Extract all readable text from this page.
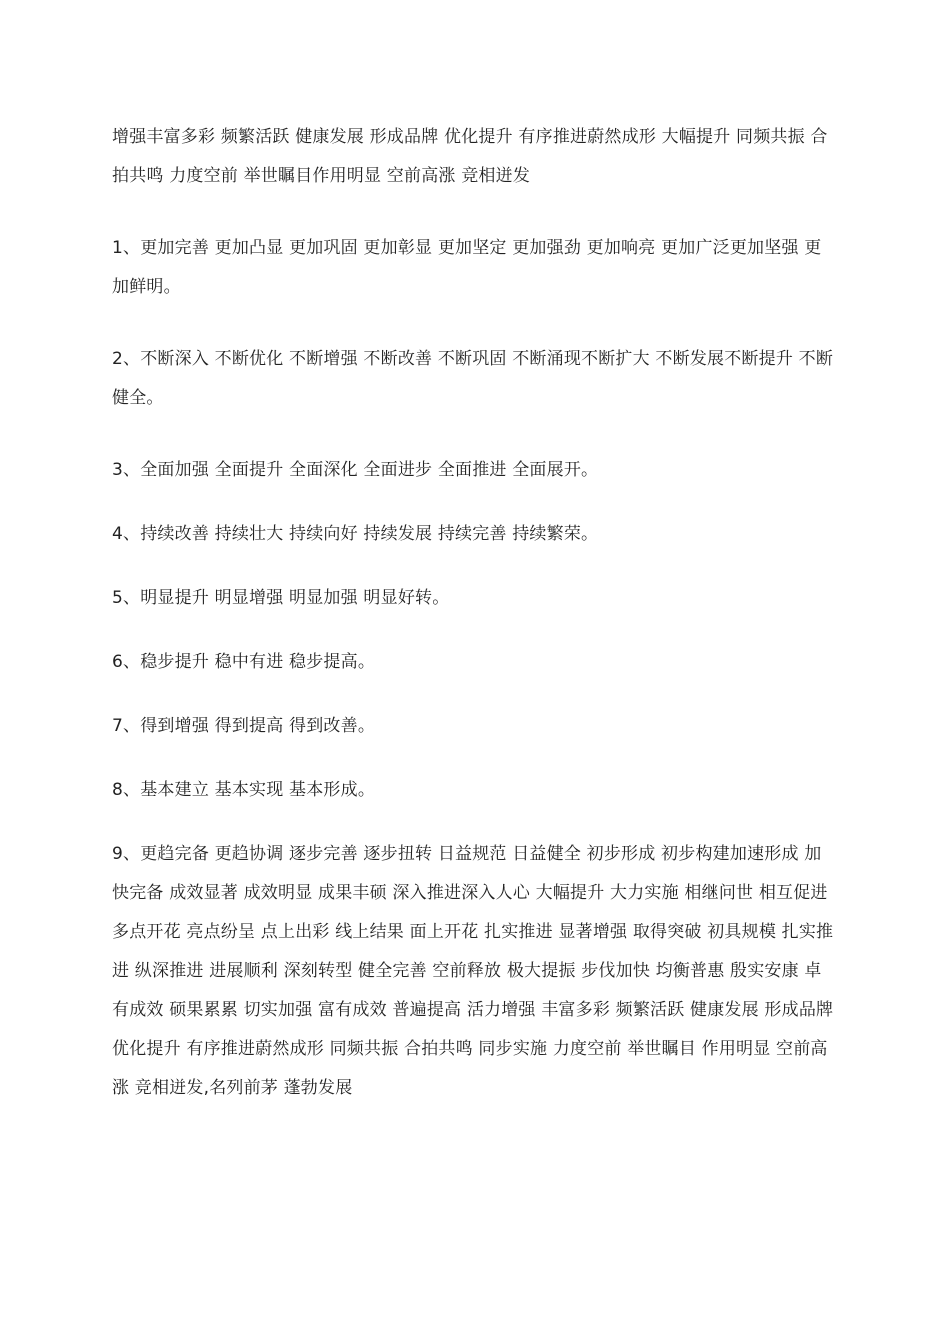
增强丰富多彩 频繁活跃 健康发展 形成品牌 优化提升 有序推进蔚然成形 大幅提升 同频共振 合拍共鸣 力度空前 举世瞩目作用明显 空前高涨 竞相迸发

1、更加完善 更加凸显 更加巩固 更加彰显 更加坚定 更加强劲 更加响亮 更加广泛更加坚强 更加鲜明。

2、不断深入 不断优化 不断增强 不断改善 不断巩固 不断涌现不断扩大 不断发展不断提升 不断健全。

3、全面加强 全面提升 全面深化 全面进步 全面推进 全面展开。

4、持续改善 持续壮大 持续向好 持续发展 持续完善 持续繁荣。

5、明显提升 明显增强 明显加强 明显好转。

6、稳步提升 稳中有进 稳步提高。

7、得到增强 得到提高 得到改善。

8、基本建立 基本实现 基本形成。

9、更趋完备 更趋协调 逐步完善 逐步扭转 日益规范 日益健全 初步形成 初步构建加速形成 加快完备 成效显著 成效明显 成果丰硕 深入推进深入人心 大幅提升 大力实施 相继问世 相互促进 多点开花 亮点纷呈 点上出彩 线上结果 面上开花 扎实推进 显著增强 取得突破 初具规模 扎实推进 纵深推进 进展顺利 深刻转型 健全完善 空前释放 极大提振 步伐加快 均衡普惠 殷实安康 卓有成效 硕果累累 切实加强 富有成效 普遍提高 活力增强 丰富多彩 频繁活跃 健康发展 形成品牌 优化提升 有序推进蔚然成形 同频共振 合拍共鸣 同步实施 力度空前 举世瞩目 作用明显 空前高涨 竞相迸发,名列前茅 蓬勃发展
